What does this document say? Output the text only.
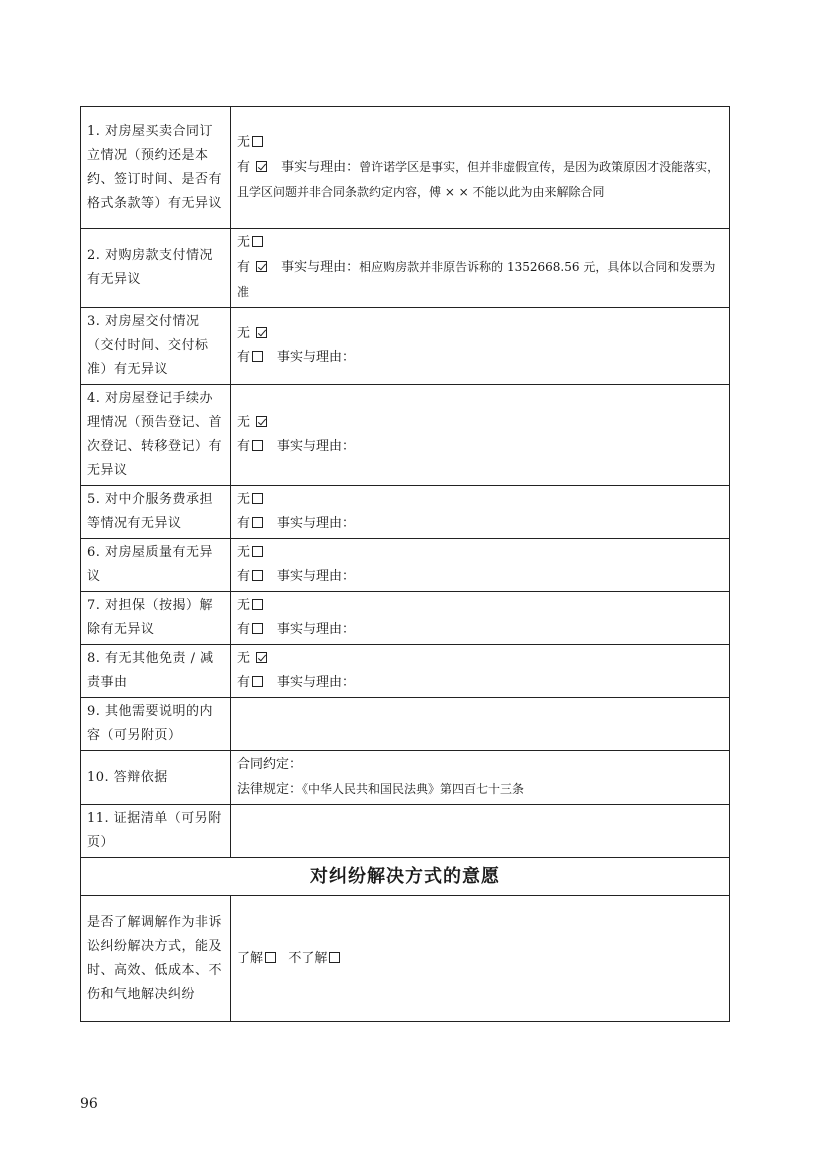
1. 对房屋买卖合同订立情况（预约还是本约、签订时间、是否有格式条款等）有无异议	无
有 事实与理由：曾许诺学区是事实，但并非虚假宣传，是因为政策原因才没能落实，且学区问题并非合同条款约定内容，傅 × × 不能以此为由来解除合同

2. 对购房款支付情况有无异议	无
有 事实与理由：相应购房款并非原告诉称的 1352668.56 元，具体以合同和发票为准

3. 对房屋交付情况（交付时间、交付标准）有无异议	无
有 事实与理由：

4. 对房屋登记手续办理情况（预告登记、首次登记、转移登记）有无异议	无
有 事实与理由：

5. 对中介服务费承担等情况有无异议	无
有 事实与理由：

6. 对房屋质量有无异议	无
有 事实与理由：

7. 对担保（按揭）解除有无异议	无
有 事实与理由：

8. 有无其他免责 / 减责事由	无
有 事实与理由：

9. 其他需要说明的内容（可另附页）	
10. 答辩依据	合同约定：
法律规定：《中华人民共和国民法典》第四百七十三条

11. 证据清单（可另附页）	
对纠纷解决方式的意愿	
是否了解调解作为非诉讼纠纷解决方式，能及时、高效、低成本、不伤和气地解决纠纷	了解 不了解
96
